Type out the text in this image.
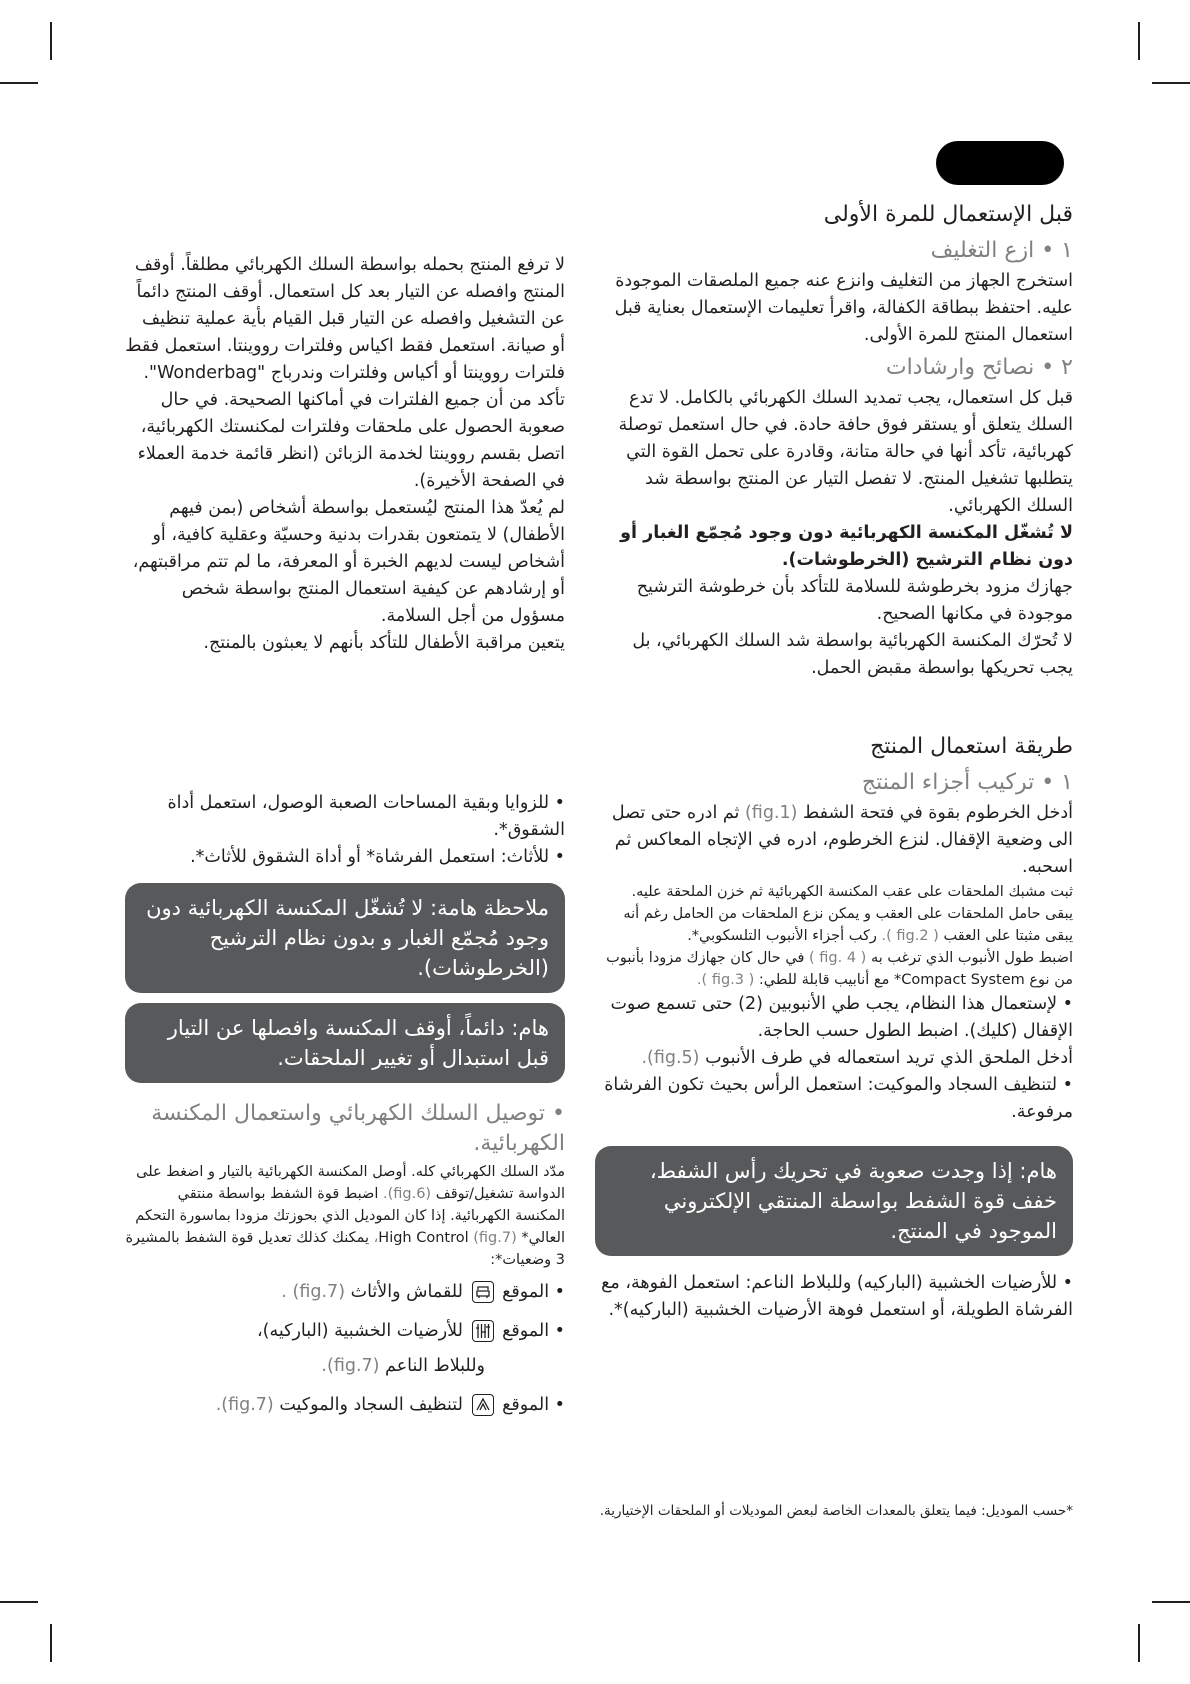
قبل الإستعمال للمرة الأولى

١ • ازع التغليف

استخرج الجهاز من التغليف وانزع عنه جميع الملصقات الموجودة عليه. احتفظ ببطاقة الكفالة، واقرأ تعليمات الإستعمال بعناية قبل استعمال المنتج للمرة الأولى.

٢ • نصائح وارشادات

قبل كل استعمال، يجب تمديد السلك الكهربائي بالكامل. لا تدع السلك يتعلق أو يستقر فوق حافة حادة. في حال استعمل توصلة كهربائية، تأكد أنها في حالة متانة، وقادرة على تحمل القوة التي يتطلبها تشغيل المنتج. لا تفصل التيار عن المنتج بواسطة شد السلك الكهربائي.

لا تُشغّل المكنسة الكهربائية دون وجود مُجمّع الغبار أو دون نظام الترشيح (الخرطوشات).

جهازك مزود بخرطوشة للسلامة للتأكد بأن خرطوشة الترشيح موجودة في مكانها الصحيح.

لا تُحرّك المكنسة الكهربائية بواسطة شد السلك الكهربائي، بل يجب تحريكها بواسطة مقبض الحمل.

لا ترفع المنتج بحمله بواسطة السلك الكهربائي مطلقاً. أوقف المنتج وافصله عن التيار بعد كل استعمال. أوقف المنتج دائماً عن التشغيل وافصله عن التيار قبل القيام بأية عملية تنظيف أو صيانة. استعمل فقط اكياس وفلترات رووينتا. استعمل فقط فلترات رووينتا أو أكياس وفلترات وندرباج "Wonderbag".

تأكد من أن جميع الفلترات في أماكنها الصحيحة. في حال صعوبة الحصول على ملحقات وفلترات لمكنستك الكهربائية، اتصل بقسم رووينتا لخدمة الزبائن (انظر قائمة خدمة العملاء في الصفحة الأخيرة).

لم يُعدّ هذا المنتج ليُستعمل بواسطة أشخاص (بمن فيهم الأطفال) لا يتمتعون بقدرات بدنية وحسيّة وعقلية كافية، أو أشخاص ليست لديهم الخبرة أو المعرفة، ما لم تتم مراقبتهم، أو إرشادهم عن كيفية استعمال المنتج بواسطة شخص مسؤول من أجل السلامة.

يتعين مراقبة الأطفال للتأكد بأنهم لا يعبثون بالمنتج.

طريقة استعمال المنتج

١ • تركيب أجزاء المنتج

أدخل الخرطوم بقوة في فتحة الشفط (fig.1) ثم ادره حتى تصل الى وضعية الإقفال. لنزع الخرطوم، ادره في الإتجاه المعاكس ثم اسحبه.

ثبت مشبك الملحقات على عقب المكنسة الكهربائية ثم خزن الملحقة عليه.

يبقى حامل الملحقات على العقب و يمكن نزع الملحقات من الحامل رغم أنه يبقى مثبتا على العقب ( fig.2 ). ركب أجزاء الأنبوب التلسكوبي*.

اضبط طول الأنبوب الذي ترغب به ( fig. 4 ) في حال كان جهازك مزودا بأنبوب من نوع Compact System* مع أنابيب قابلة للطي: ( fig.3 ).

• لإستعمال هذا النظام، يجب طي الأنبوبين (2) حتى تسمع صوت الإقفال (كليك). اضبط الطول حسب الحاجة.

أدخل الملحق الذي تريد استعماله في طرف الأنبوب (fig.5).

• لتنظيف السجاد والموكيت: استعمل الرأس بحيث تكون الفرشاة مرفوعة.

هام: إذا وجدت صعوبة في تحريك رأس الشفط، خفف قوة الشفط بواسطة المنتقي الإلكتروني الموجود في المنتج.

• للأرضيات الخشبية (الباركيه) وللبلاط الناعم: استعمل الفوهة، مع الفرشاة الطويلة، أو استعمل فوهة الأرضيات الخشبية (الباركيه)*.

• للزوايا وبقية المساحات الصعبة الوصول، استعمل أداة الشقوق*.

• للأثاث: استعمل الفرشاة* أو أداة الشقوق للأثاث*.

ملاحظة هامة: لا تُشغّل المكنسة الكهربائية دون وجود مُجمّع الغبار و بدون نظام الترشيح (الخرطوشات).
هام: دائماً، أوقف المكنسة وافصلها عن التيار قبل استبدال أو تغيير الملحقات.

• توصيل السلك الكهربائي واستعمال المكنسة الكهربائية.

مدّد السلك الكهربائي كله. أوصل المكنسة الكهربائية بالتيار و اضغط على الدواسة تشغيل/توقف (fig.6). اضبط قوة الشفط بواسطة منتقي المكنسة الكهربائية. إذا كان الموديل الذي بحوزتك مزودا بماسورة التحكم العالي* High Control (fig.7)، يمكنك كذلك تعديل قوة الشفط بالمشيرة 3 وضعيات*:

• الموقع
للقماش والأثاث (fig.7) .

• الموقع
للأرضيات الخشبية (الباركيه)،

وللبلاط الناعم (fig.7).

• الموقع
لتنظيف السجاد والموكيت (fig.7).

*حسب الموديل: فيما يتعلق بالمعدات الخاصة لبعض الموديلات أو الملحقات الإختيارية.
